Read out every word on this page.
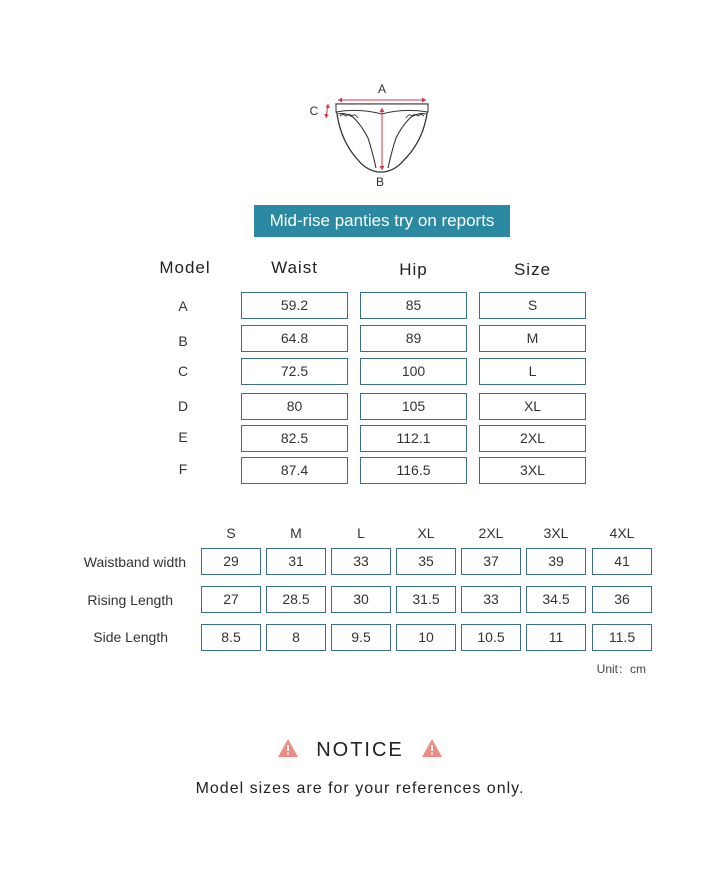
A
B
C
Mid-rise panties try on reports
Model	Waist	Hip	Size
A	59.2	85	S
B	64.8	89	M
C	72.5	100	L
D	80	105	XL
E	82.5	112.1	2XL
F	87.4	116.5	3XL
S	M	L	XL	2XL	3XL	4XL
Waistband width	29	31	33	35	37	39	41
Rising Length	27	28.5	30	31.5	33	34.5	36
Side Length	8.5	8	9.5	10	10.5	11	11.5
Unit：cm
NOTICE
Model sizes are for your references only.
